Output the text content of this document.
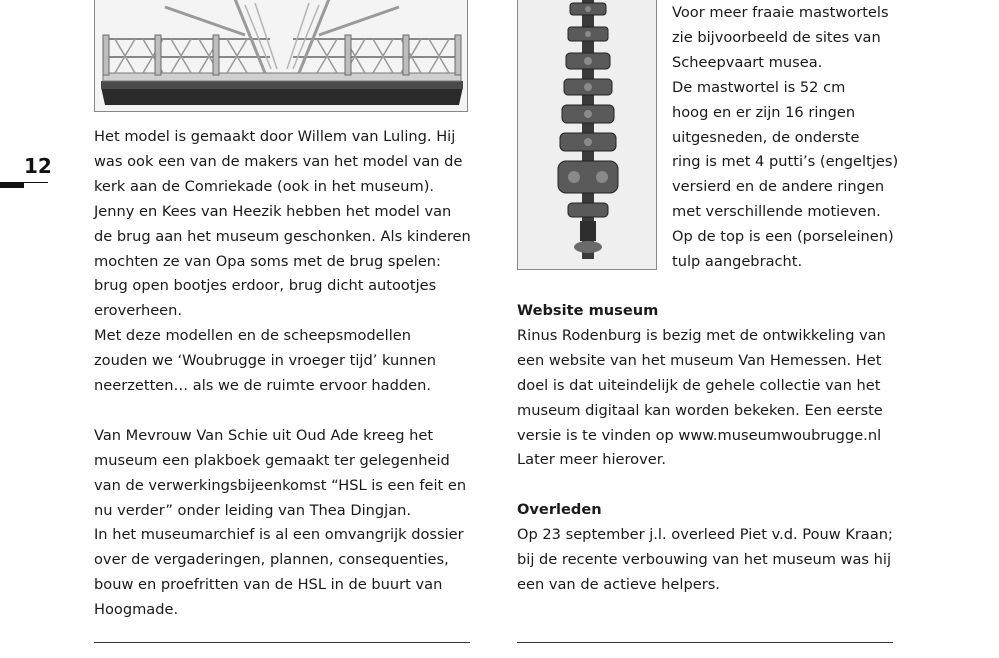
12

Het model is gemaakt door Willem van Luling. Hij

was ook een van de makers van het model van de

kerk aan de Comriekade (ook in het museum).

Jenny en Kees van Heezik hebben het model van

de brug aan het museum geschonken. Als kinderen

mochten ze van Opa soms met de brug spelen:

brug open bootjes erdoor, brug dicht autootjes

eroverheen.

Met deze modellen en de scheepsmodellen

zouden we ‘Woubrugge in vroeger tijd’ kunnen

neerzetten… als we de ruimte ervoor hadden.

Van Mevrouw Van Schie uit Oud Ade kreeg het

museum een plakboek gemaakt ter gelegenheid

van de verwerkingsbijeenkomst “HSL is een feit en

nu verder” onder leiding van Thea Dingjan.

In het museumarchief is al een omvangrijk dossier

over de vergaderingen, plannen, consequenties,

bouw en proefritten van de HSL in de buurt van

Hoogmade.

Voor meer fraaie mastwortels

zie bijvoorbeeld de sites van

Scheepvaart musea.

De mastwortel is 52 cm

hoog en er zijn 16 ringen

uitgesneden, de onderste

ring is met 4 putti’s (engeltjes)

versierd en de andere ringen

met verschillende motieven.

Op de top is een (porseleinen)

tulp aangebracht.

Website museum

Rinus Rodenburg is bezig met de ontwikkeling van

een website van het museum Van Hemessen. Het

doel is dat uiteindelijk de gehele collectie van het

museum digitaal kan worden bekeken. Een eerste

versie is te vinden op www.museumwoubrugge.nl

Later meer hierover.

Overleden

Op 23 september j.l. overleed Piet v.d. Pouw Kraan;

bij de recente verbouwing van het museum was hij

een van de actieve helpers.
